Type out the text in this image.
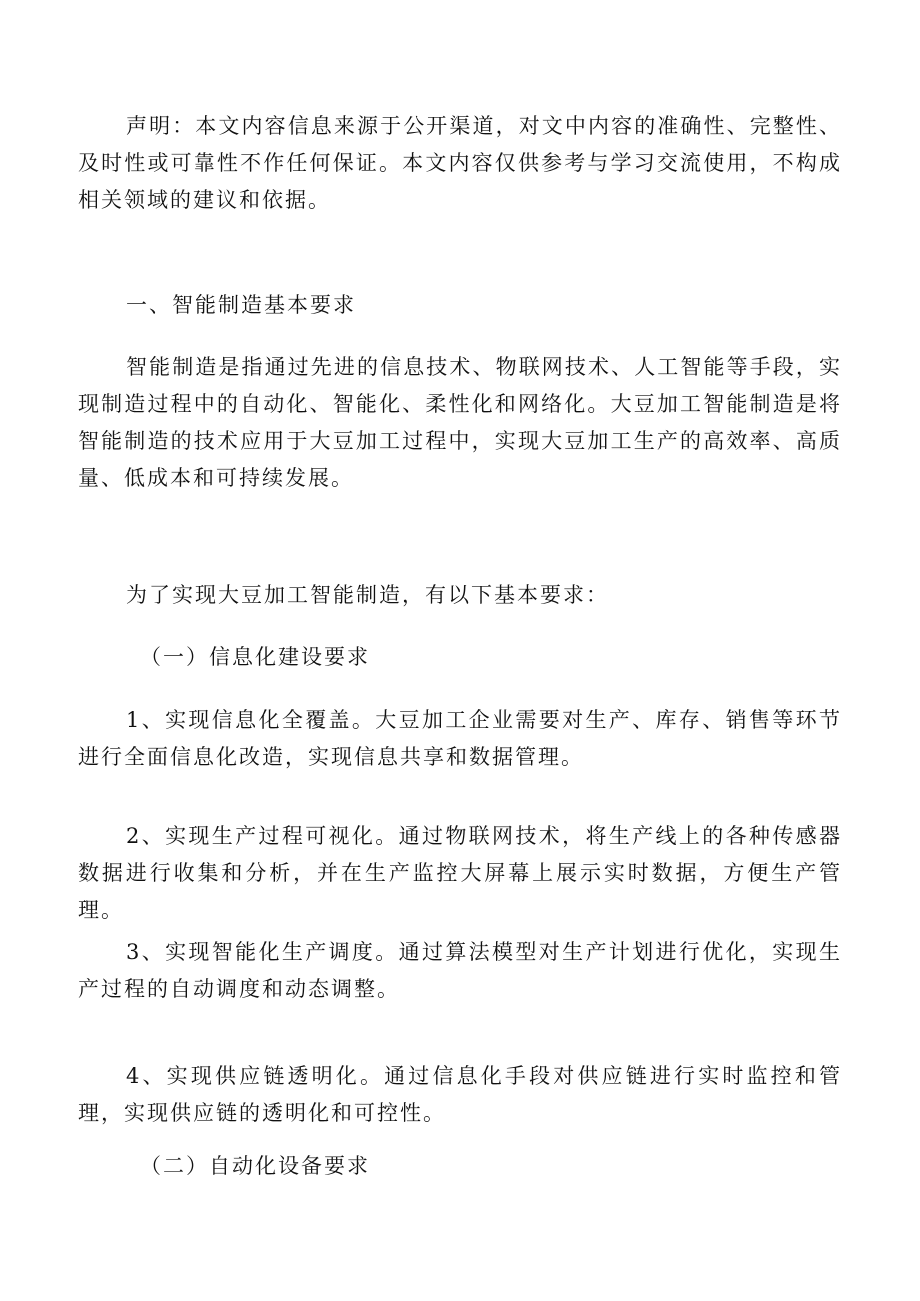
声明：本文内容信息来源于公开渠道，对文中内容的准确性、完整性、及时性或可靠性不作任何保证。本文内容仅供参考与学习交流使用，不构成相关领域的建议和依据。

一、智能制造基本要求

智能制造是指通过先进的信息技术、物联网技术、人工智能等手段，实现制造过程中的自动化、智能化、柔性化和网络化。大豆加工智能制造是将智能制造的技术应用于大豆加工过程中，实现大豆加工生产的高效率、高质量、低成本和可持续发展。

为了实现大豆加工智能制造，有以下基本要求：

（一）信息化建设要求

1、实现信息化全覆盖。大豆加工企业需要对生产、库存、销售等环节进行全面信息化改造，实现信息共享和数据管理。

2、实现生产过程可视化。通过物联网技术，将生产线上的各种传感器数据进行收集和分析，并在生产监控大屏幕上展示实时数据，方便生产管理。

3、实现智能化生产调度。通过算法模型对生产计划进行优化，实现生产过程的自动调度和动态调整。

4、实现供应链透明化。通过信息化手段对供应链进行实时监控和管理，实现供应链的透明化和可控性。

（二）自动化设备要求
